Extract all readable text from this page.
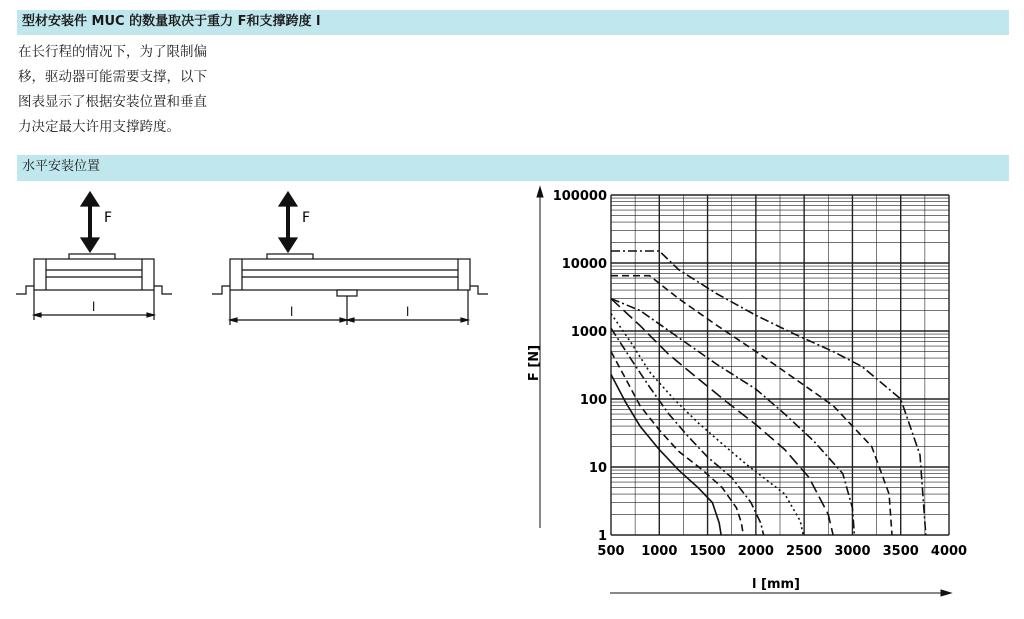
型材安装件 MUC 的数量取决于重力 F和支撑跨度 l
在长行程的情况下，为了限制偏
移，驱动器可能需要支撑，以下
图表显示了根据安装位置和垂直
力决定最大许用支撑跨度。
水平安装位置
F
l
F
l	l
500 1000 1500 2000 2500 3000 3500 4000
1
10
100
1000
10000
100000
F [N]
l [mm]
